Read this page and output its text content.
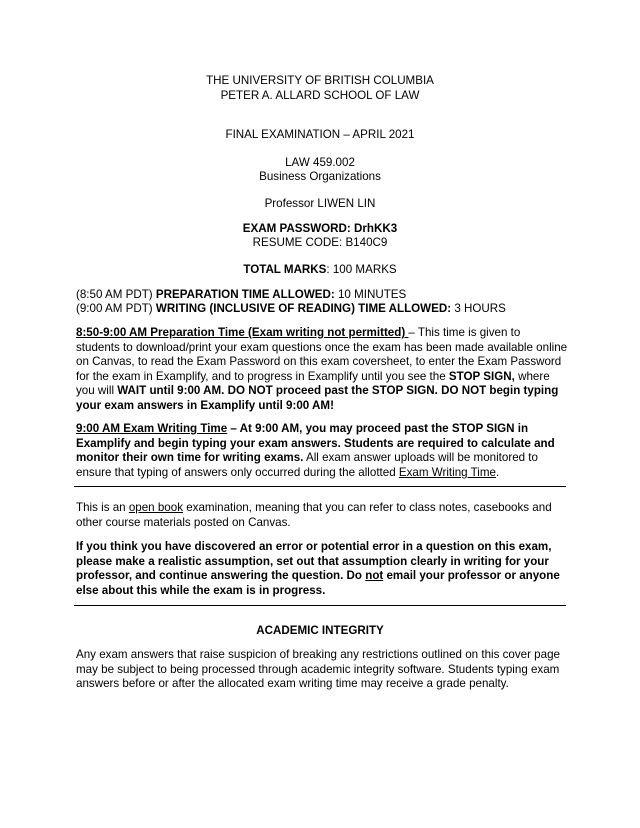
THE UNIVERSITY OF BRITISH COLUMBIA
PETER A. ALLARD SCHOOL OF LAW
FINAL EXAMINATION – APRIL 2021
LAW 459.002
Business Organizations
Professor LIWEN LIN
EXAM PASSWORD: DrhKK3
RESUME CODE: B140C9
TOTAL MARKS: 100 MARKS
(8:50 AM PDT) PREPARATION TIME ALLOWED: 10 MINUTES
(9:00 AM PDT) WRITING (INCLUSIVE OF READING) TIME ALLOWED: 3 HOURS
8:50-9:00 AM Preparation Time (Exam writing not permitted) – This time is given to
students to download/print your exam questions once the exam has been made available online
on Canvas, to read the Exam Password on this exam coversheet, to enter the Exam Password
for the exam in Examplify, and to progress in Examplify until you see the STOP SIGN, where
you will WAIT until 9:00 AM. DO NOT proceed past the STOP SIGN. DO NOT begin typing
your exam answers in Examplify until 9:00 AM!
9:00 AM Exam Writing Time – At 9:00 AM, you may proceed past the STOP SIGN in
Examplify and begin typing your exam answers. Students are required to calculate and
monitor their own time for writing exams. All exam answer uploads will be monitored to
ensure that typing of answers only occurred during the allotted Exam Writing Time.
This is an open book examination, meaning that you can refer to class notes, casebooks and
other course materials posted on Canvas.
If you think you have discovered an error or potential error in a question on this exam,
please make a realistic assumption, set out that assumption clearly in writing for your
professor, and continue answering the question. Do not email your professor or anyone
else about this while the exam is in progress.
ACADEMIC INTEGRITY
Any exam answers that raise suspicion of breaking any restrictions outlined on this cover page
may be subject to being processed through academic integrity software. Students typing exam
answers before or after the allocated exam writing time may receive a grade penalty.
